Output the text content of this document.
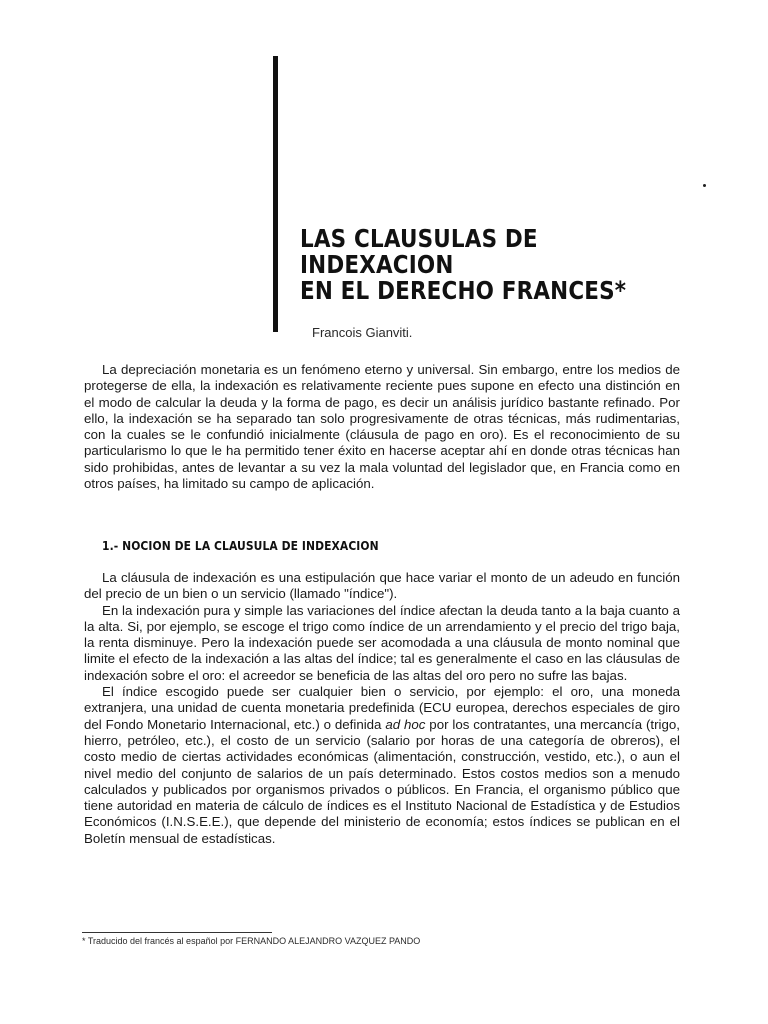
LAS CLAUSULAS DE
INDEXACION
EN EL DERECHO FRANCES*
Francois Gianviti.

La depreciación monetaria es un fenómeno eterno y universal. Sin embargo, entre los medios de protegerse de ella, la indexación es relativamente reciente pues supone en efecto una distinción en el modo de calcular la deuda y la forma de pago, es decir un análisis jurídico bastante refinado. Por ello, la indexación se ha separado tan solo progresivamente de otras técnicas, más rudimentarias, con la cuales se le confundió inicialmente (cláusula de pago en oro). Es el reconocimiento de su particularismo lo que le ha permitido tener éxito en hacerse aceptar ahí en donde otras técnicas han sido prohibidas, antes de levantar a su vez la mala voluntad del legislador que, en Francia como en otros países, ha limitado su campo de aplicación.

1.- NOCION DE LA CLAUSULA DE INDEXACION

La cláusula de indexación es una estipulación que hace variar el monto de un adeudo en función del precio de un bien o un servicio (llamado "índice").

En la indexación pura y simple las variaciones del índice afectan la deuda tanto a la baja cuanto a la alta. Si, por ejemplo, se escoge el trigo como índice de un arrendamiento y el precio del trigo baja, la renta disminuye. Pero la indexación puede ser acomodada a una cláusula de monto nominal que limite el efecto de la indexación a las altas del índice; tal es generalmente el caso en las cláusulas de indexación sobre el oro: el acreedor se beneficia de las altas del oro pero no sufre las bajas.

El índice escogido puede ser cualquier bien o servicio, por ejemplo: el oro, una moneda extranjera, una unidad de cuenta monetaria predefinida (ECU europea, derechos especiales de giro del Fondo Monetario Internacional, etc.) o definida ad hoc por los contratantes, una mercancía (trigo, hierro, petróleo, etc.), el costo de un servicio (salario por horas de una categoría de obreros), el costo medio de ciertas actividades económicas (alimentación, construcción, vestido, etc.), o aun el nivel medio del conjunto de salarios de un país determinado. Estos costos medios son a menudo calculados y publicados por organismos privados o públicos. En Francia, el organismo público que tiene autoridad en materia de cálculo de índices es el Instituto Nacional de Estadística y de Estudios Económicos (I.N.S.E.E.), que depende del ministerio de economía; estos índices se publican en el Boletín mensual de estadísticas.

* Traducido del francés al español por FERNANDO ALEJANDRO VAZQUEZ PANDO
